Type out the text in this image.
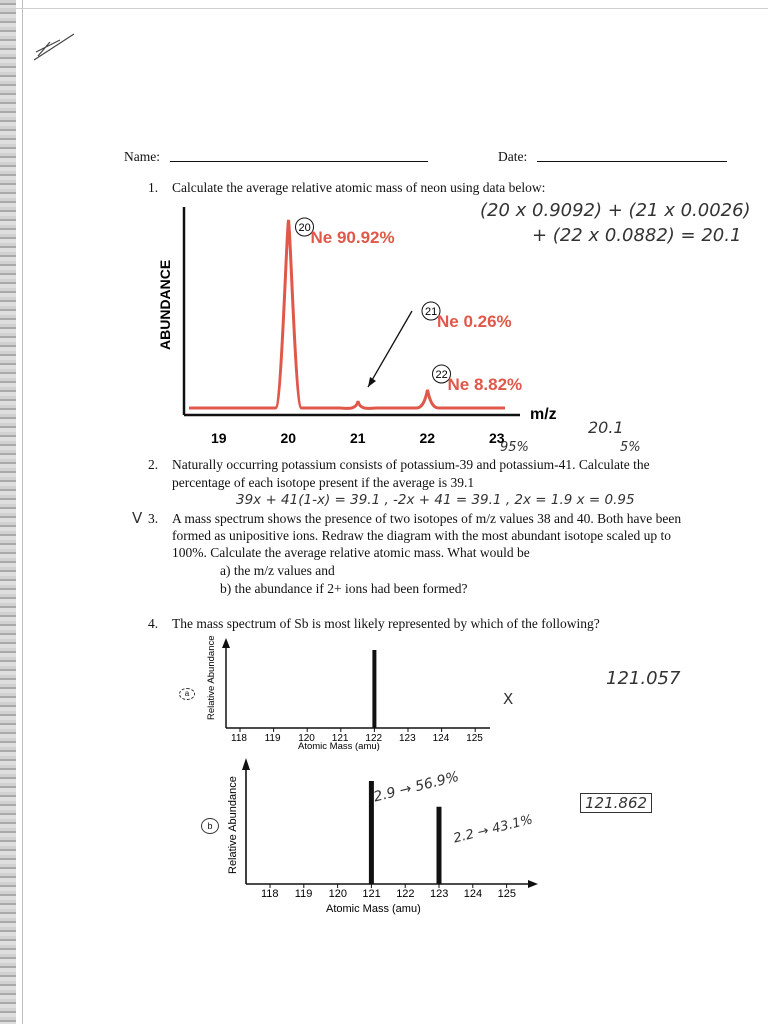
Name:	Date:
1. Calculate the average relative atomic mass of neon using data below:
(20 x 0.9092) + (21 x 0.0026)
+ (22 x 0.0882) = 20.1
ABUNDANCE
m/z
19	20	21	22	23
20 Ne 90.92%
21 Ne 0.26%
22 Ne 8.82%
20.1
95%	5%
2. Naturally occurring potassium consists of potassium-39 and potassium-41. Calculate the
percentage of each isotope present if the average is 39.1
39x + 41(1-x) = 39.1 , -2x + 41 = 39.1 , 2x = 1.9 x = 0.95
V 3. A mass spectrum shows the presence of two isotopes of m/z values 38 and 40. Both have been
formed as unipositive ions. Redraw the diagram with the most abundant isotope scaled up to
100%. Calculate the average relative atomic mass. What would be
a) the m/z values and
b) the abundance if 2+ ions had been formed?
4. The mass spectrum of Sb is most likely represented by which of the following?
a	Relative Abundance
118 119 120 121 122 123 124 125
Atomic Mass (amu)
121.057
X
b	Relative Abundance
118 119 120 121 122 123 124 125
Atomic Mass (amu)
2.9 → 56.9%
2.2 → 43.1%
121.862
